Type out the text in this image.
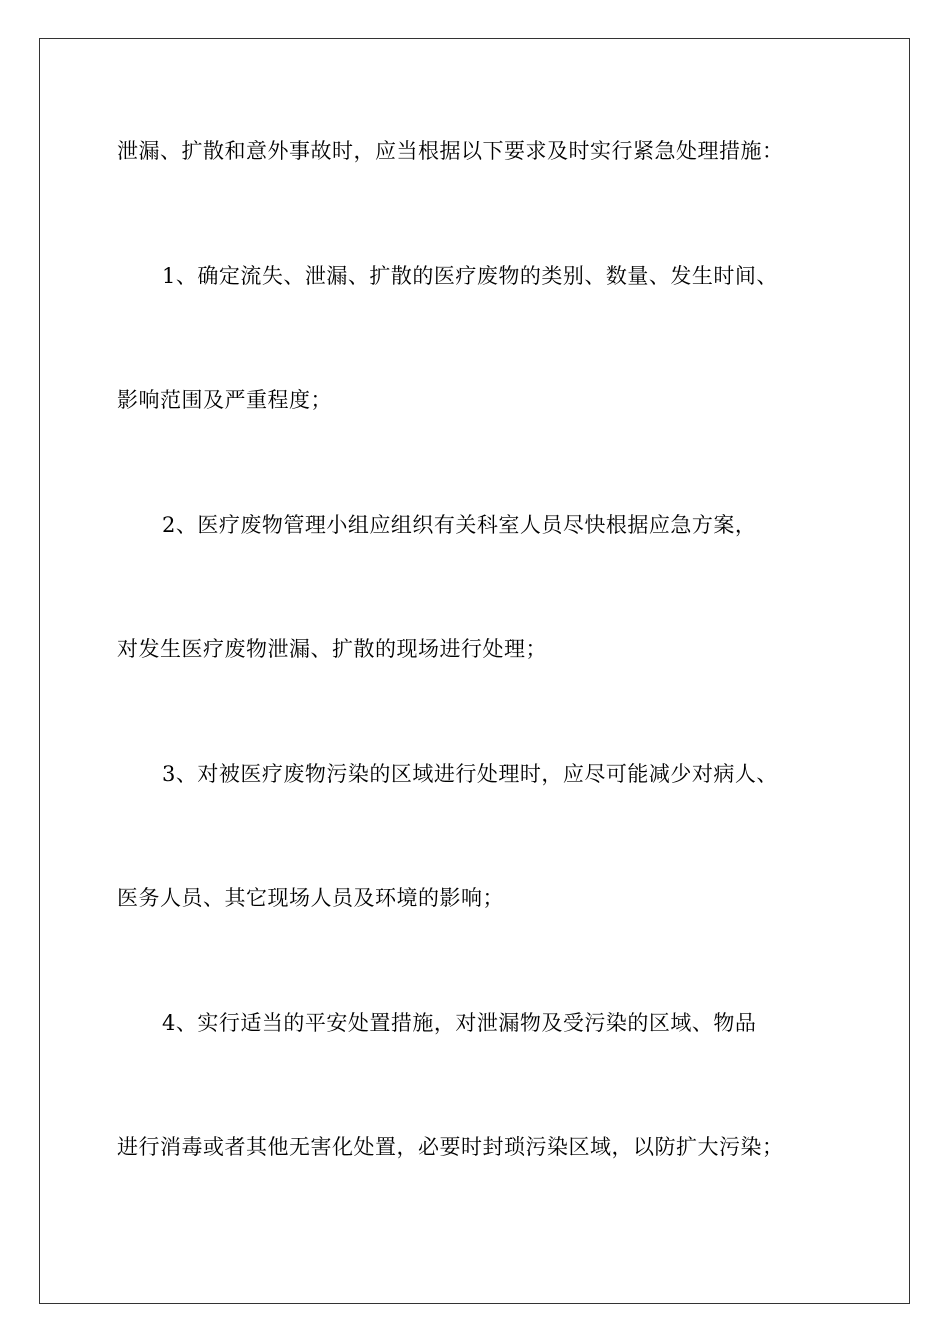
泄漏、扩散和意外事故时，应当根据以下要求及时实行紧急处理措施：

1、确定流失、泄漏、扩散的医疗废物的类别、数量、发生时间、

影响范围及严重程度；

2、医疗废物管理小组应组织有关科室人员尽快根据应急方案，

对发生医疗废物泄漏、扩散的现场进行处理；

3、对被医疗废物污染的区域进行处理时，应尽可能减少对病人、

医务人员、其它现场人员及环境的影响；

4、实行适当的平安处置措施，对泄漏物及受污染的区域、物品

进行消毒或者其他无害化处置，必要时封琐污染区域，以防扩大污染；
